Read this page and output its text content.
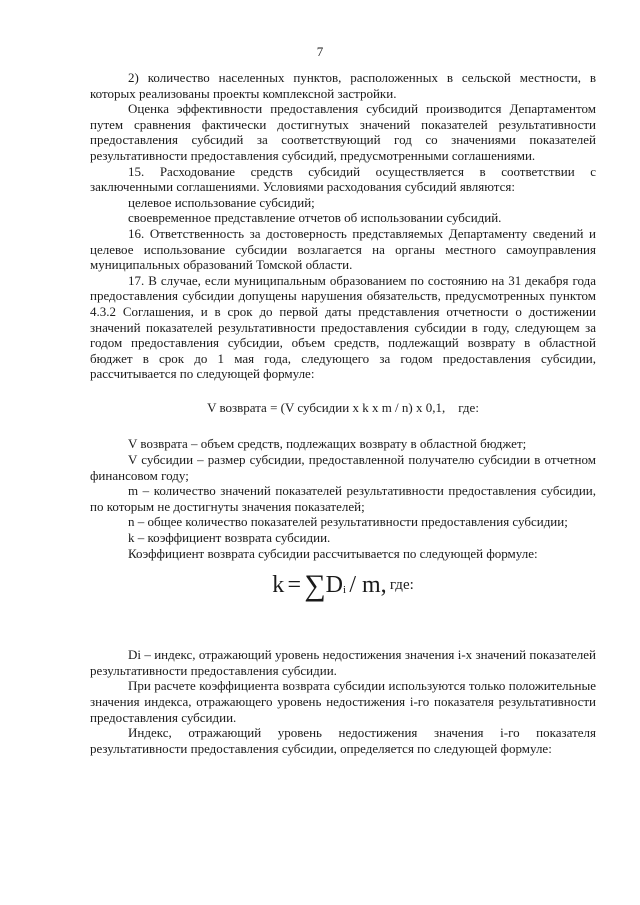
7

2) количество населенных пунктов, расположенных в сельской местности, в которых реализованы проекты комплексной застройки.

Оценка эффективности предоставления субсидий производится Департаментом путем сравнения фактически достигнутых значений показателей результативности предоставления субсидий за соответствующий год со значениями показателей результативности предоставления субсидий, предусмотренными соглашениями.

15. Расходование средств субсидий осуществляется в соответствии с заключенными соглашениями. Условиями расходования субсидий являются:

целевое использование субсидий;

своевременное представление отчетов об использовании субсидий.

16. Ответственность за достоверность представляемых Департаменту сведений и целевое использование субсидии возлагается на органы местного самоуправления муниципальных образований Томской области.

17. В случае, если муниципальным образованием по состоянию на 31 декабря года предоставления субсидии допущены нарушения обязательств, предусмотренных пунктом 4.3.2 Соглашения, и в срок до первой даты представления отчетности о достижении значений показателей результативности предоставления субсидии в году, следующем за годом предоставления субсидии, объем средств, подлежащий возврату в областной бюджет в срок до 1 мая года, следующего за годом предоставления субсидии, рассчитывается по следующей формуле:

V возврата = (V субсидии x k x m / n) x 0,1,    где:

V возврата – объем средств, подлежащих возврату в областной бюджет;

V субсидии – размер субсидии, предоставленной получателю субсидии в отчетном финансовом году;

m – количество значений показателей результативности предоставления субсидии, по которым не достигнуты значения показателей;

n – общее количество показателей результативности предоставления субсидии;

k – коэффициент возврата субсидии.

Коэффициент возврата субсидии рассчитывается по следующей формуле:

$k = \sum D_i / m$, где:

Di – индекс, отражающий уровень недостижения значения i-х значений показателей результативности предоставления субсидии.

При расчете коэффициента возврата субсидии используются только положительные значения индекса, отражающего уровень недостижения i-го показателя результативности предоставления субсидии.

Индекс, отражающий уровень недостижения значения i-го показателя результативности предоставления субсидии, определяется по следующей формуле:
